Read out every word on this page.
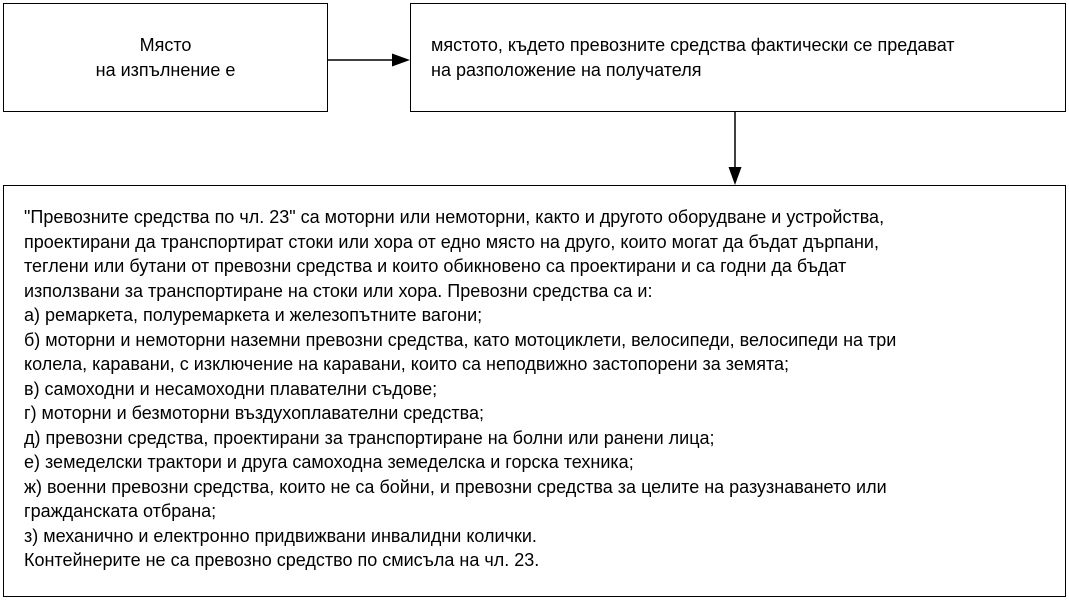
Място
на изпълнение е
мястото, където превозните средства фактически се предават
на разположение на получателя
"Превозните средства по чл. 23" са моторни или немоторни, както и другото оборудване и устройства,
проектирани да транспортират стоки или хора от едно място на друго, които могат да бъдат дърпани,
теглени или бутани от превозни средства и които обикновено са проектирани и са годни да бъдат
използвани за транспортиране на стоки или хора. Превозни средства са и:
а) ремаркета, полуремаркета и железопътните вагони;
б) моторни и немоторни наземни превозни средства, като мотоциклети, велосипеди, велосипеди на три
колела, каравани, с изключение на каравани, които са неподвижно застопорени за земята;
в) самоходни и несамоходни плавателни съдове;
г) моторни и безмоторни въздухоплавателни средства;
д) превозни средства, проектирани за транспортиране на болни или ранени лица;
е) земеделски трактори и друга самоходна земеделска и горска техника;
ж) военни превозни средства, които не са бойни, и превозни средства за целите на разузнаването или
гражданската отбрана;
з) механично и електронно придвижвани инвалидни колички.
Контейнерите не са превозно средство по смисъла на чл. 23.
